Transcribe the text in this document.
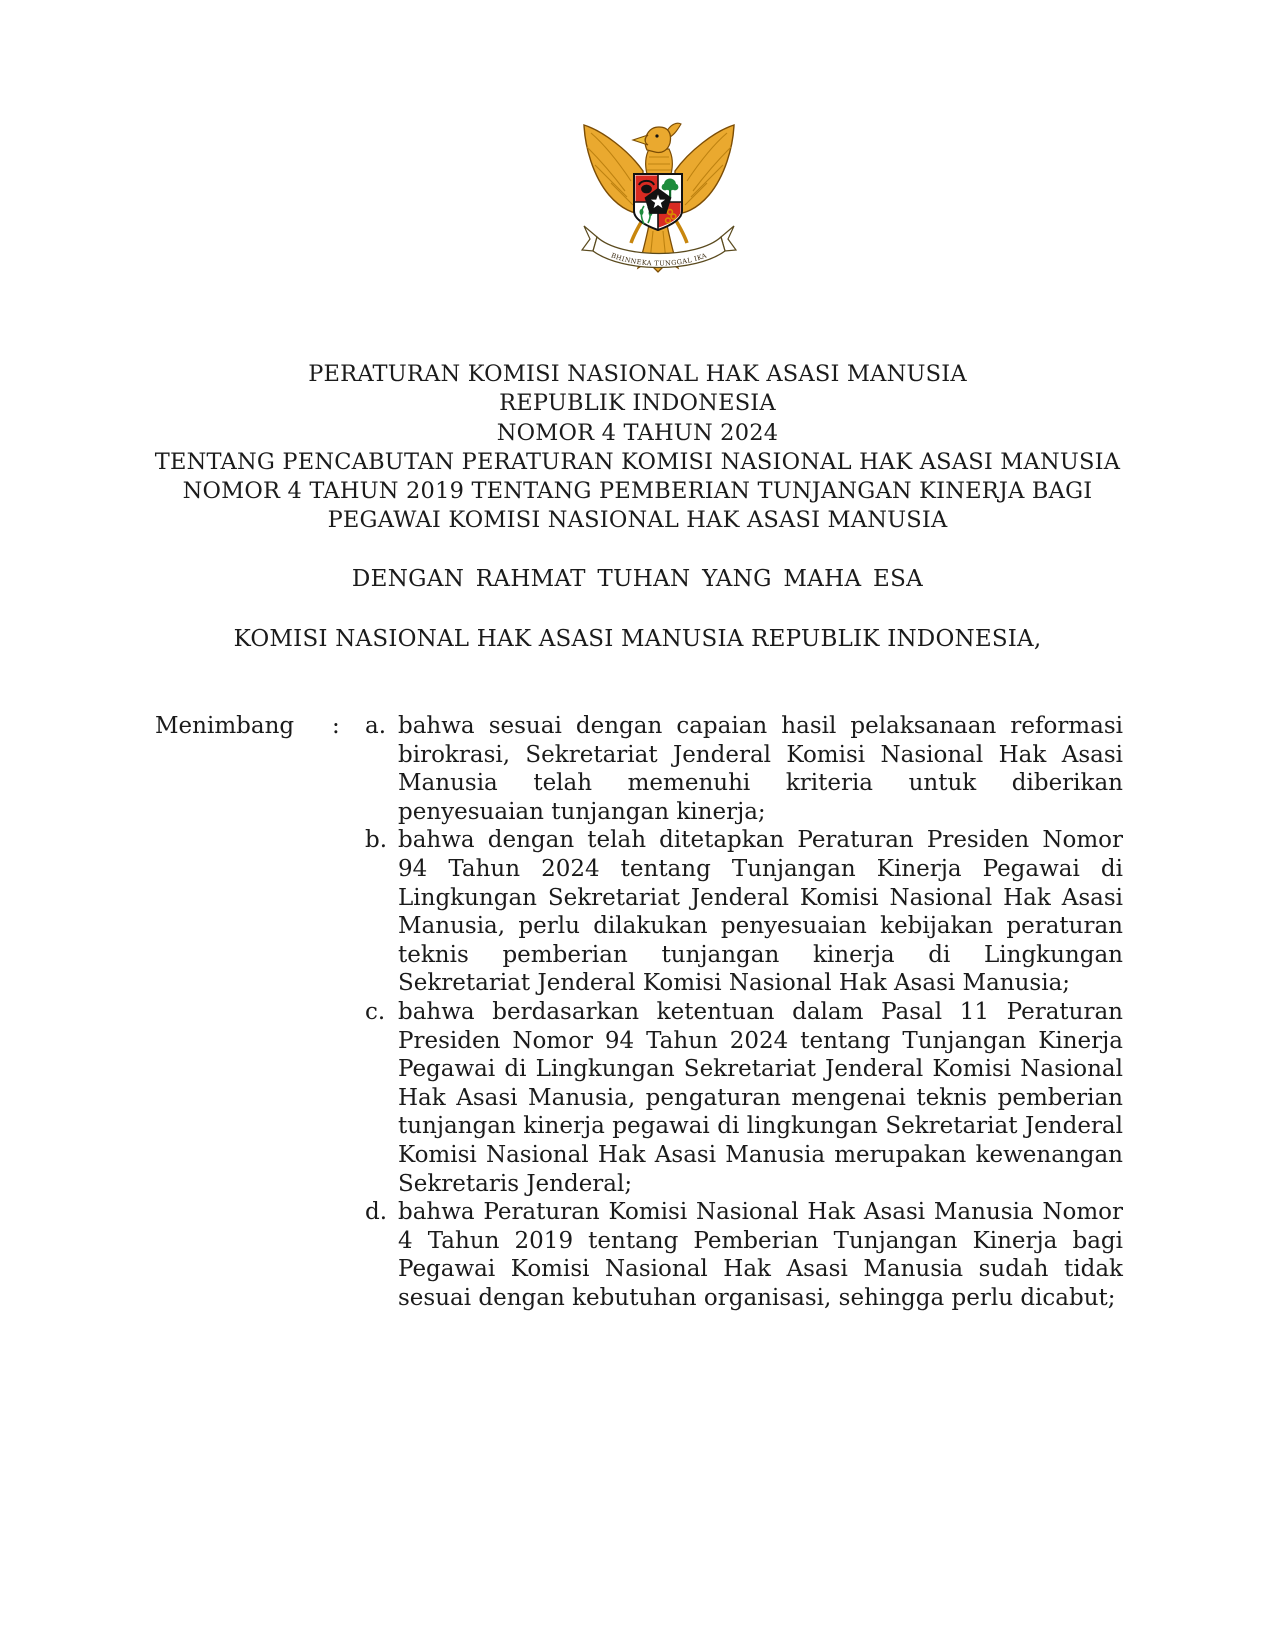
BHINNEKA TUNGGAL IKA
PERATURAN KOMISI NASIONAL HAK ASASI MANUSIA
REPUBLIK INDONESIA
NOMOR 4 TAHUN 2024
TENTANG PENCABUTAN PERATURAN KOMISI NASIONAL HAK ASASI MANUSIA
NOMOR 4 TAHUN 2019 TENTANG PEMBERIAN TUNJANGAN KINERJA BAGI
PEGAWAI KOMISI NASIONAL HAK ASASI MANUSIA
DENGAN RAHMAT TUHAN YANG MAHA ESA
KOMISI NASIONAL HAK ASASI MANUSIA REPUBLIK INDONESIA,
Menimbang	:	a. bahwa sesuai dengan capaian hasil pelaksanaan reformasi birokrasi, Sekretariat Jenderal Komisi Nasional Hak Asasi Manusia telah memenuhi kriteria untuk diberikan penyesuaian tunjangan kinerja;
b. bahwa dengan telah ditetapkan Peraturan Presiden Nomor 94 Tahun 2024 tentang Tunjangan Kinerja Pegawai di Lingkungan Sekretariat Jenderal Komisi Nasional Hak Asasi Manusia, perlu dilakukan penyesuaian kebijakan peraturan teknis pemberian tunjangan kinerja di Lingkungan Sekretariat Jenderal Komisi Nasional Hak Asasi Manusia;
c. bahwa berdasarkan ketentuan dalam Pasal 11 Peraturan Presiden Nomor 94 Tahun 2024 tentang Tunjangan Kinerja Pegawai di Lingkungan Sekretariat Jenderal Komisi Nasional Hak Asasi Manusia, pengaturan mengenai teknis pemberian tunjangan kinerja pegawai di lingkungan Sekretariat Jenderal Komisi Nasional Hak Asasi Manusia merupakan kewenangan Sekretaris Jenderal;
d. bahwa Peraturan Komisi Nasional Hak Asasi Manusia Nomor 4 Tahun 2019 tentang Pemberian Tunjangan Kinerja bagi Pegawai Komisi Nasional Hak Asasi Manusia sudah tidak sesuai dengan kebutuhan organisasi, sehingga perlu dicabut;
